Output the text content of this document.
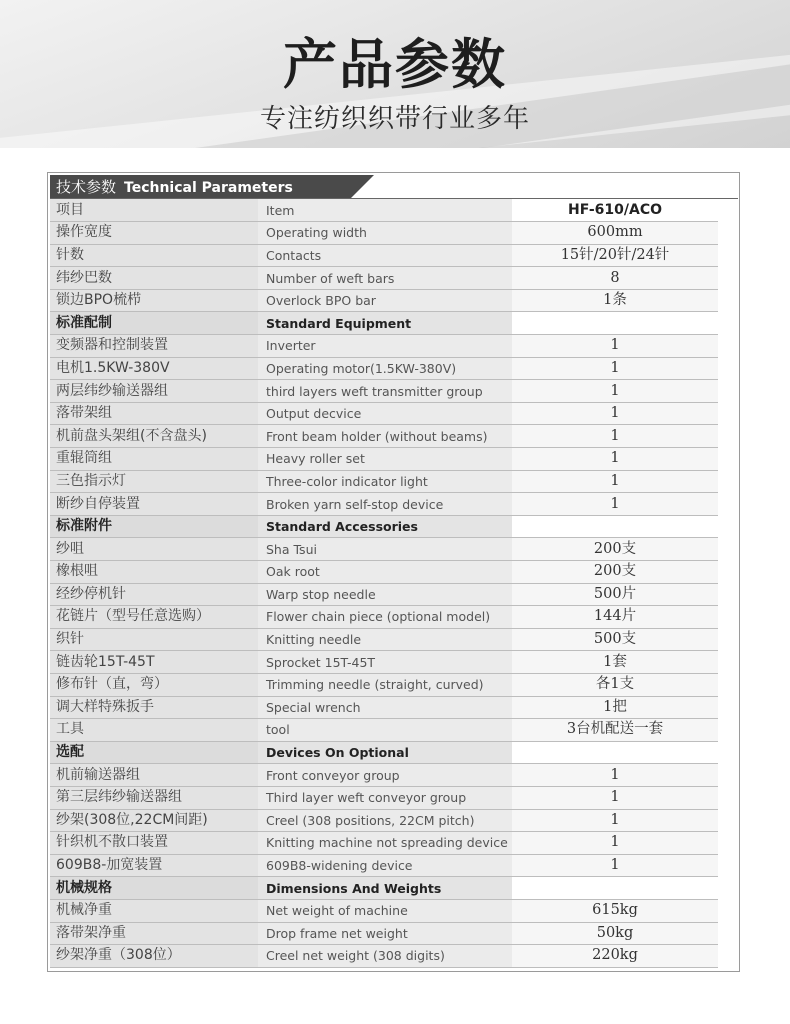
产品参数
专注纺织织带行业多年
技术参数 Technical Parameters
项目	Item	HF-610/ACO
操作宽度	Operating width	600mm
针数	Contacts	15针/20针/24针
纬纱巴数	Number of weft bars	8
锁边BPO梳栉	Overlock BPO bar	1条
标准配制	Standard Equipment	
变频器和控制装置	Inverter	1
电机1.5KW-380V	Operating motor(1.5KW-380V)	1
两层纬纱输送器组	third layers weft transmitter group	1
落带架组	Output decvice	1
机前盘头架组(不含盘头)	Front beam holder (without beams)	1
重辊筒组	Heavy roller set	1
三色指示灯	Three-color indicator light	1
断纱自停装置	Broken yarn self-stop device	1
标准附件	Standard Accessories	
纱咀	Sha Tsui	200支
橡根咀	Oak root	200支
经纱停机针	Warp stop needle	500片
花链片（型号任意选购）	Flower chain piece (optional model)	144片
织针	Knitting needle	500支
链齿轮15T-45T	Sprocket 15T-45T	1套
修布针（直，弯）	Trimming needle (straight, curved)	各1支
调大样特殊扳手	Special wrench	1把
工具	tool	3台机配送一套
选配	Devices On Optional	
机前输送器组	Front conveyor group	1
第三层纬纱输送器组	Third layer weft conveyor group	1
纱架(308位,22CM间距)	Creel (308 positions, 22CM pitch)	1
针织机不散口装置	Knitting machine not spreading device	1
609B8-加宽装置	609B8-widening device	1
机械规格	Dimensions And Weights	
机械净重	Net weight of machine	615kg
落带架净重	Drop frame net weight	50kg
纱架净重（308位）	Creel net weight (308 digits)	220kg
